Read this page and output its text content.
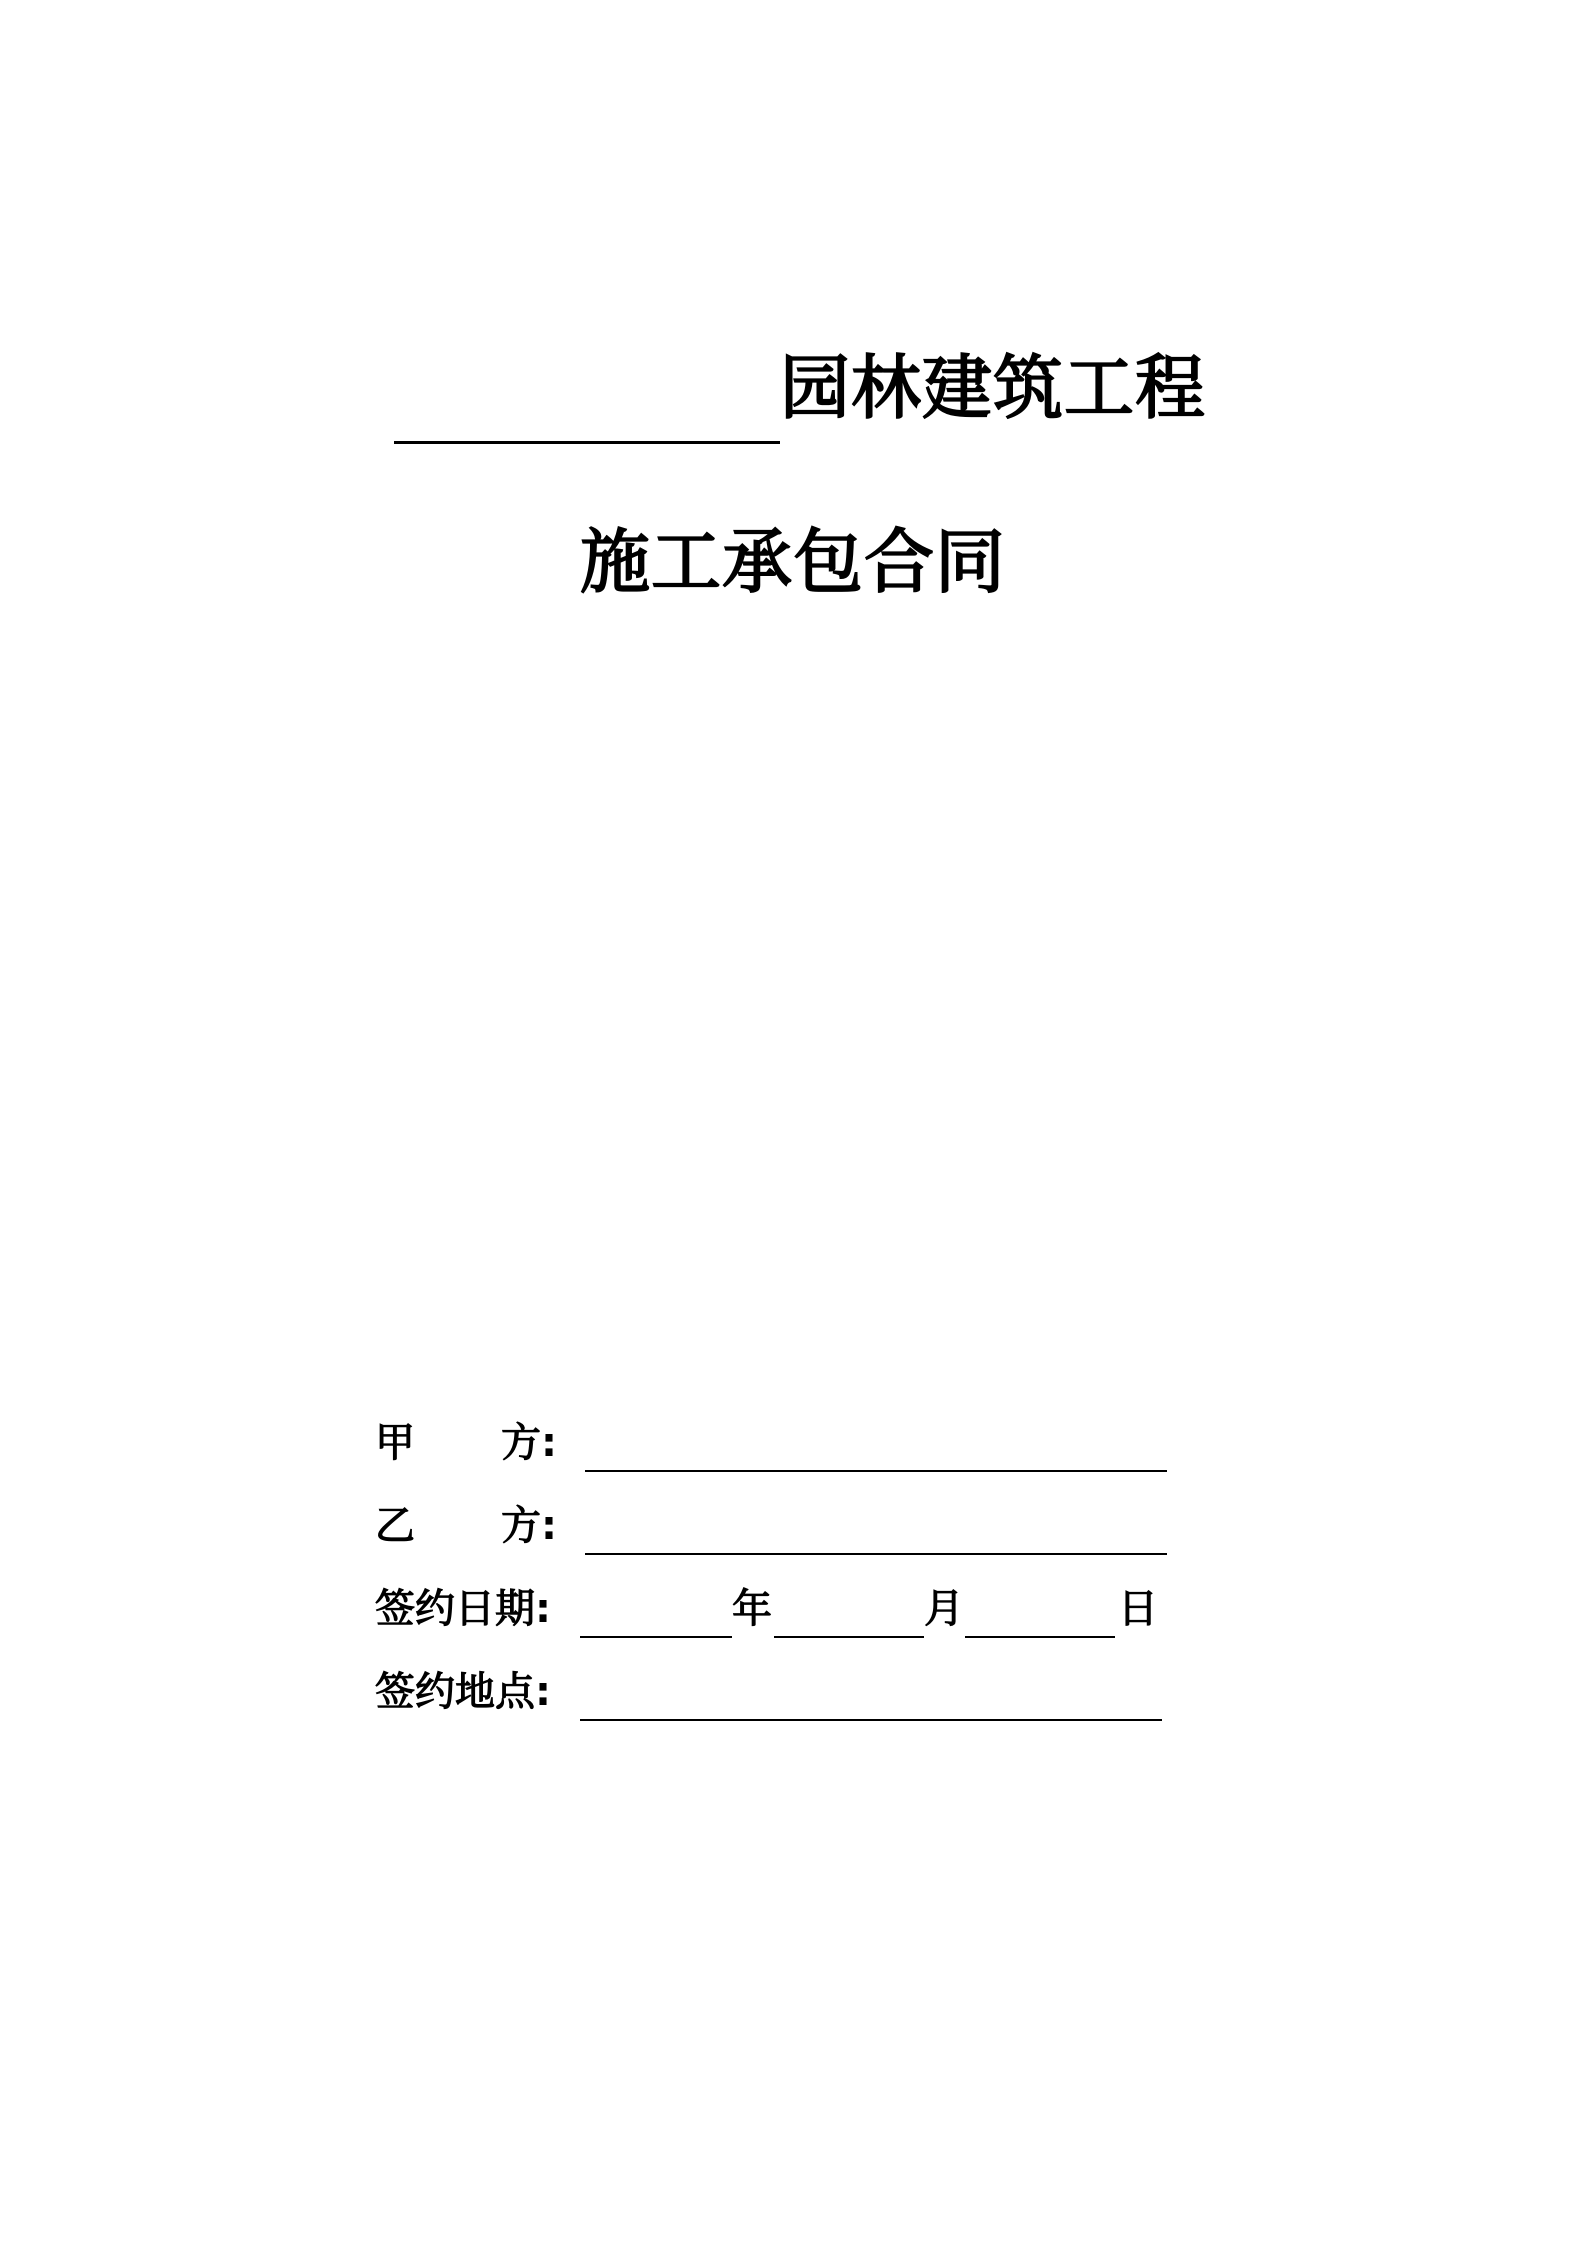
园林建筑工程
施工承包合同
甲 方:
乙 方:
签约日期:	年	月	日
签约地点:
